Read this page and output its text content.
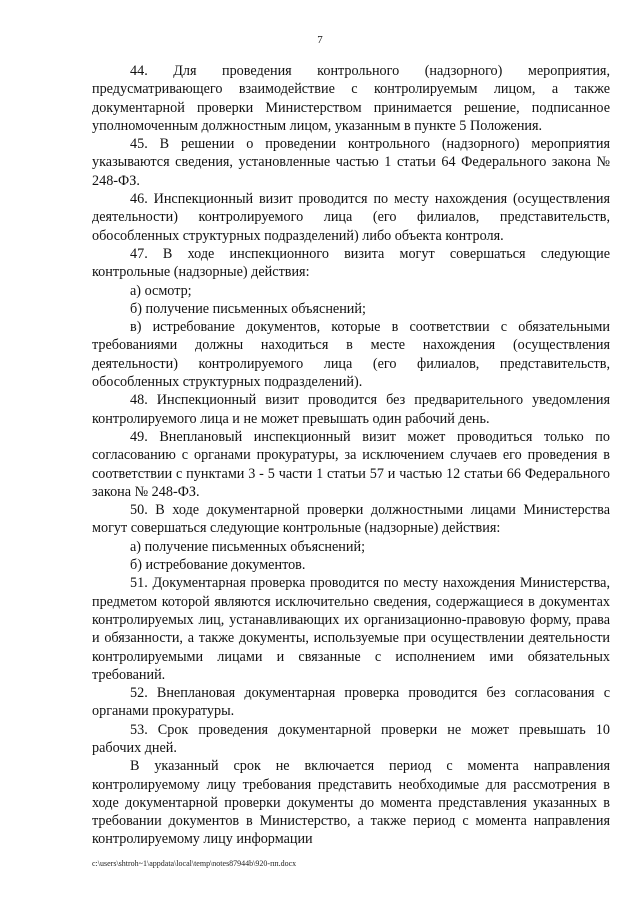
7

44. Для проведения контрольного (надзорного) мероприятия, предусматривающего взаимодействие с контролируемым лицом, а также документарной проверки Министерством принимается решение, подписанное уполномоченным должностным лицом, указанным в пункте 5 Положения.

45. В решении о проведении контрольного (надзорного) мероприятия указываются сведения, установленные частью 1 статьи 64 Федерального закона № 248-ФЗ.

46. Инспекционный визит проводится по месту нахождения (осуществления деятельности) контролируемого лица (его филиалов, представительств, обособленных структурных подразделений) либо объекта контроля.

47. В ходе инспекционного визита могут совершаться следующие контрольные (надзорные) действия:

а) осмотр;

б) получение письменных объяснений;

в) истребование документов, которые в соответствии с обязательными требованиями должны находиться в месте нахождения (осуществления деятельности) контролируемого лица (его филиалов, представительств, обособленных структурных подразделений).

48. Инспекционный визит проводится без предварительного уведомления контролируемого лица и не может превышать один рабочий день.

49. Внеплановый инспекционный визит может проводиться только по согласованию с органами прокуратуры, за исключением случаев его проведения в соответствии с пунктами 3 - 5 части 1 статьи 57 и частью 12 статьи 66 Федерального закона № 248-ФЗ.

50. В ходе документарной проверки должностными лицами Министерства могут совершаться следующие контрольные (надзорные) действия:

а) получение письменных объяснений;

б) истребование документов.

51. Документарная проверка проводится по месту нахождения Министерства, предметом которой являются исключительно сведения, содержащиеся в документах контролируемых лиц, устанавливающих их организационно-правовую форму, права и обязанности, а также документы, используемые при осуществлении деятельности контролируемыми лицами и связанные с исполнением ими обязательных требований.

52. Внеплановая документарная проверка проводится без согласования с органами прокуратуры.

53. Срок проведения документарной проверки не может превышать 10 рабочих дней.

В указанный срок не включается период с момента направления контролируемому лицу требования представить необходимые для рассмотрения в ходе документарной проверки документы до момента представления указанных в требовании документов в Министерство, а также период с момента направления контролируемому лицу информации

c:\users\shtroh~1\appdata\local\temp\notes87944b\920-пп.docx
